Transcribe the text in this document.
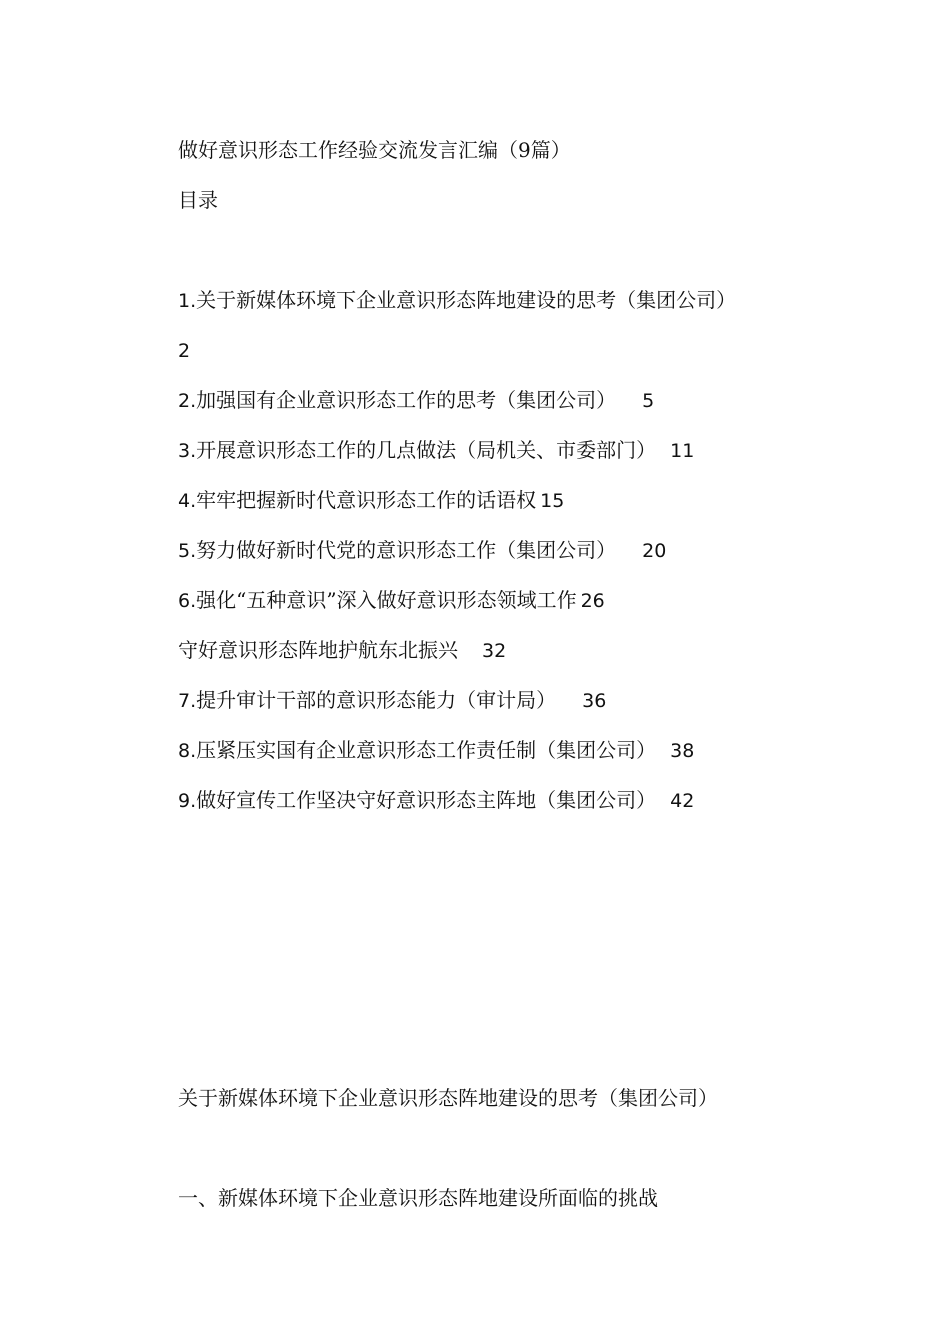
做好意识形态工作经验交流发言汇编（9篇）
目录
1.关于新媒体环境下企业意识形态阵地建设的思考（集团公司）
2
2.加强国有企业意识形态工作的思考（集团公司） 5
3.开展意识形态工作的几点做法（局机关、市委部门） 11
4.牢牢把握新时代意识形态工作的话语权 15
5.努力做好新时代党的意识形态工作（集团公司） 20
6.强化“五种意识”深入做好意识形态领域工作 26
守好意识形态阵地护航东北振兴 32
7.提升审计干部的意识形态能力（审计局） 36
8.压紧压实国有企业意识形态工作责任制（集团公司） 38
9.做好宣传工作坚决守好意识形态主阵地（集团公司） 42
关于新媒体环境下企业意识形态阵地建设的思考（集团公司）
一、新媒体环境下企业意识形态阵地建设所面临的挑战
